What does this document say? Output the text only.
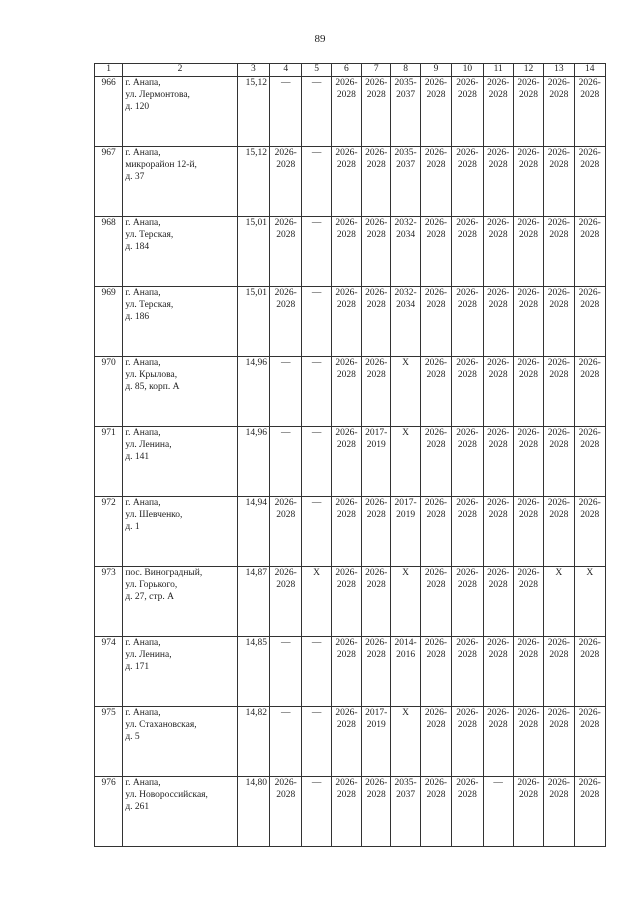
89
1	2	3	4	5	6	7	8	9	10	11	12	13	14
966	г. Анапа,
ул. Лермонтова,
д. 120	15,12	—	—	2026-2028	2026-2028	2035-2037	2026-2028	2026-2028	2026-2028	2026-2028	2026-2028	2026-2028
967	г. Анапа,
микрорайон 12-й,
д. 37	15,12	2026-2028	—	2026-2028	2026-2028	2035-2037	2026-2028	2026-2028	2026-2028	2026-2028	2026-2028	2026-2028
968	г. Анапа,
ул. Терская,
д. 184	15,01	2026-2028	—	2026-2028	2026-2028	2032-2034	2026-2028	2026-2028	2026-2028	2026-2028	2026-2028	2026-2028
969	г. Анапа,
ул. Терская,
д. 186	15,01	2026-2028	—	2026-2028	2026-2028	2032-2034	2026-2028	2026-2028	2026-2028	2026-2028	2026-2028	2026-2028
970	г. Анапа,
ул. Крылова,
д. 85, корп. А	14,96	—	—	2026-2028	2026-2028	X	2026-2028	2026-2028	2026-2028	2026-2028	2026-2028	2026-2028
971	г. Анапа,
ул. Ленина,
д. 141	14,96	—	—	2026-2028	2017-2019	X	2026-2028	2026-2028	2026-2028	2026-2028	2026-2028	2026-2028
972	г. Анапа,
ул. Шевченко,
д. 1	14,94	2026-2028	—	2026-2028	2026-2028	2017-2019	2026-2028	2026-2028	2026-2028	2026-2028	2026-2028	2026-2028
973	пос. Виноградный,
ул. Горького,
д. 27, стр. А	14,87	2026-2028	X	2026-2028	2026-2028	X	2026-2028	2026-2028	2026-2028	2026-2028	X	X
974	г. Анапа,
ул. Ленина,
д. 171	14,85	—	—	2026-2028	2026-2028	2014-2016	2026-2028	2026-2028	2026-2028	2026-2028	2026-2028	2026-2028
975	г. Анапа,
ул. Стахановская,
д. 5	14,82	—	—	2026-2028	2017-2019	X	2026-2028	2026-2028	2026-2028	2026-2028	2026-2028	2026-2028
976	г. Анапа,
ул. Новороссийская,
д. 261	14,80	2026-2028	—	2026-2028	2026-2028	2035-2037	2026-2028	2026-2028	—	2026-2028	2026-2028	2026-2028
